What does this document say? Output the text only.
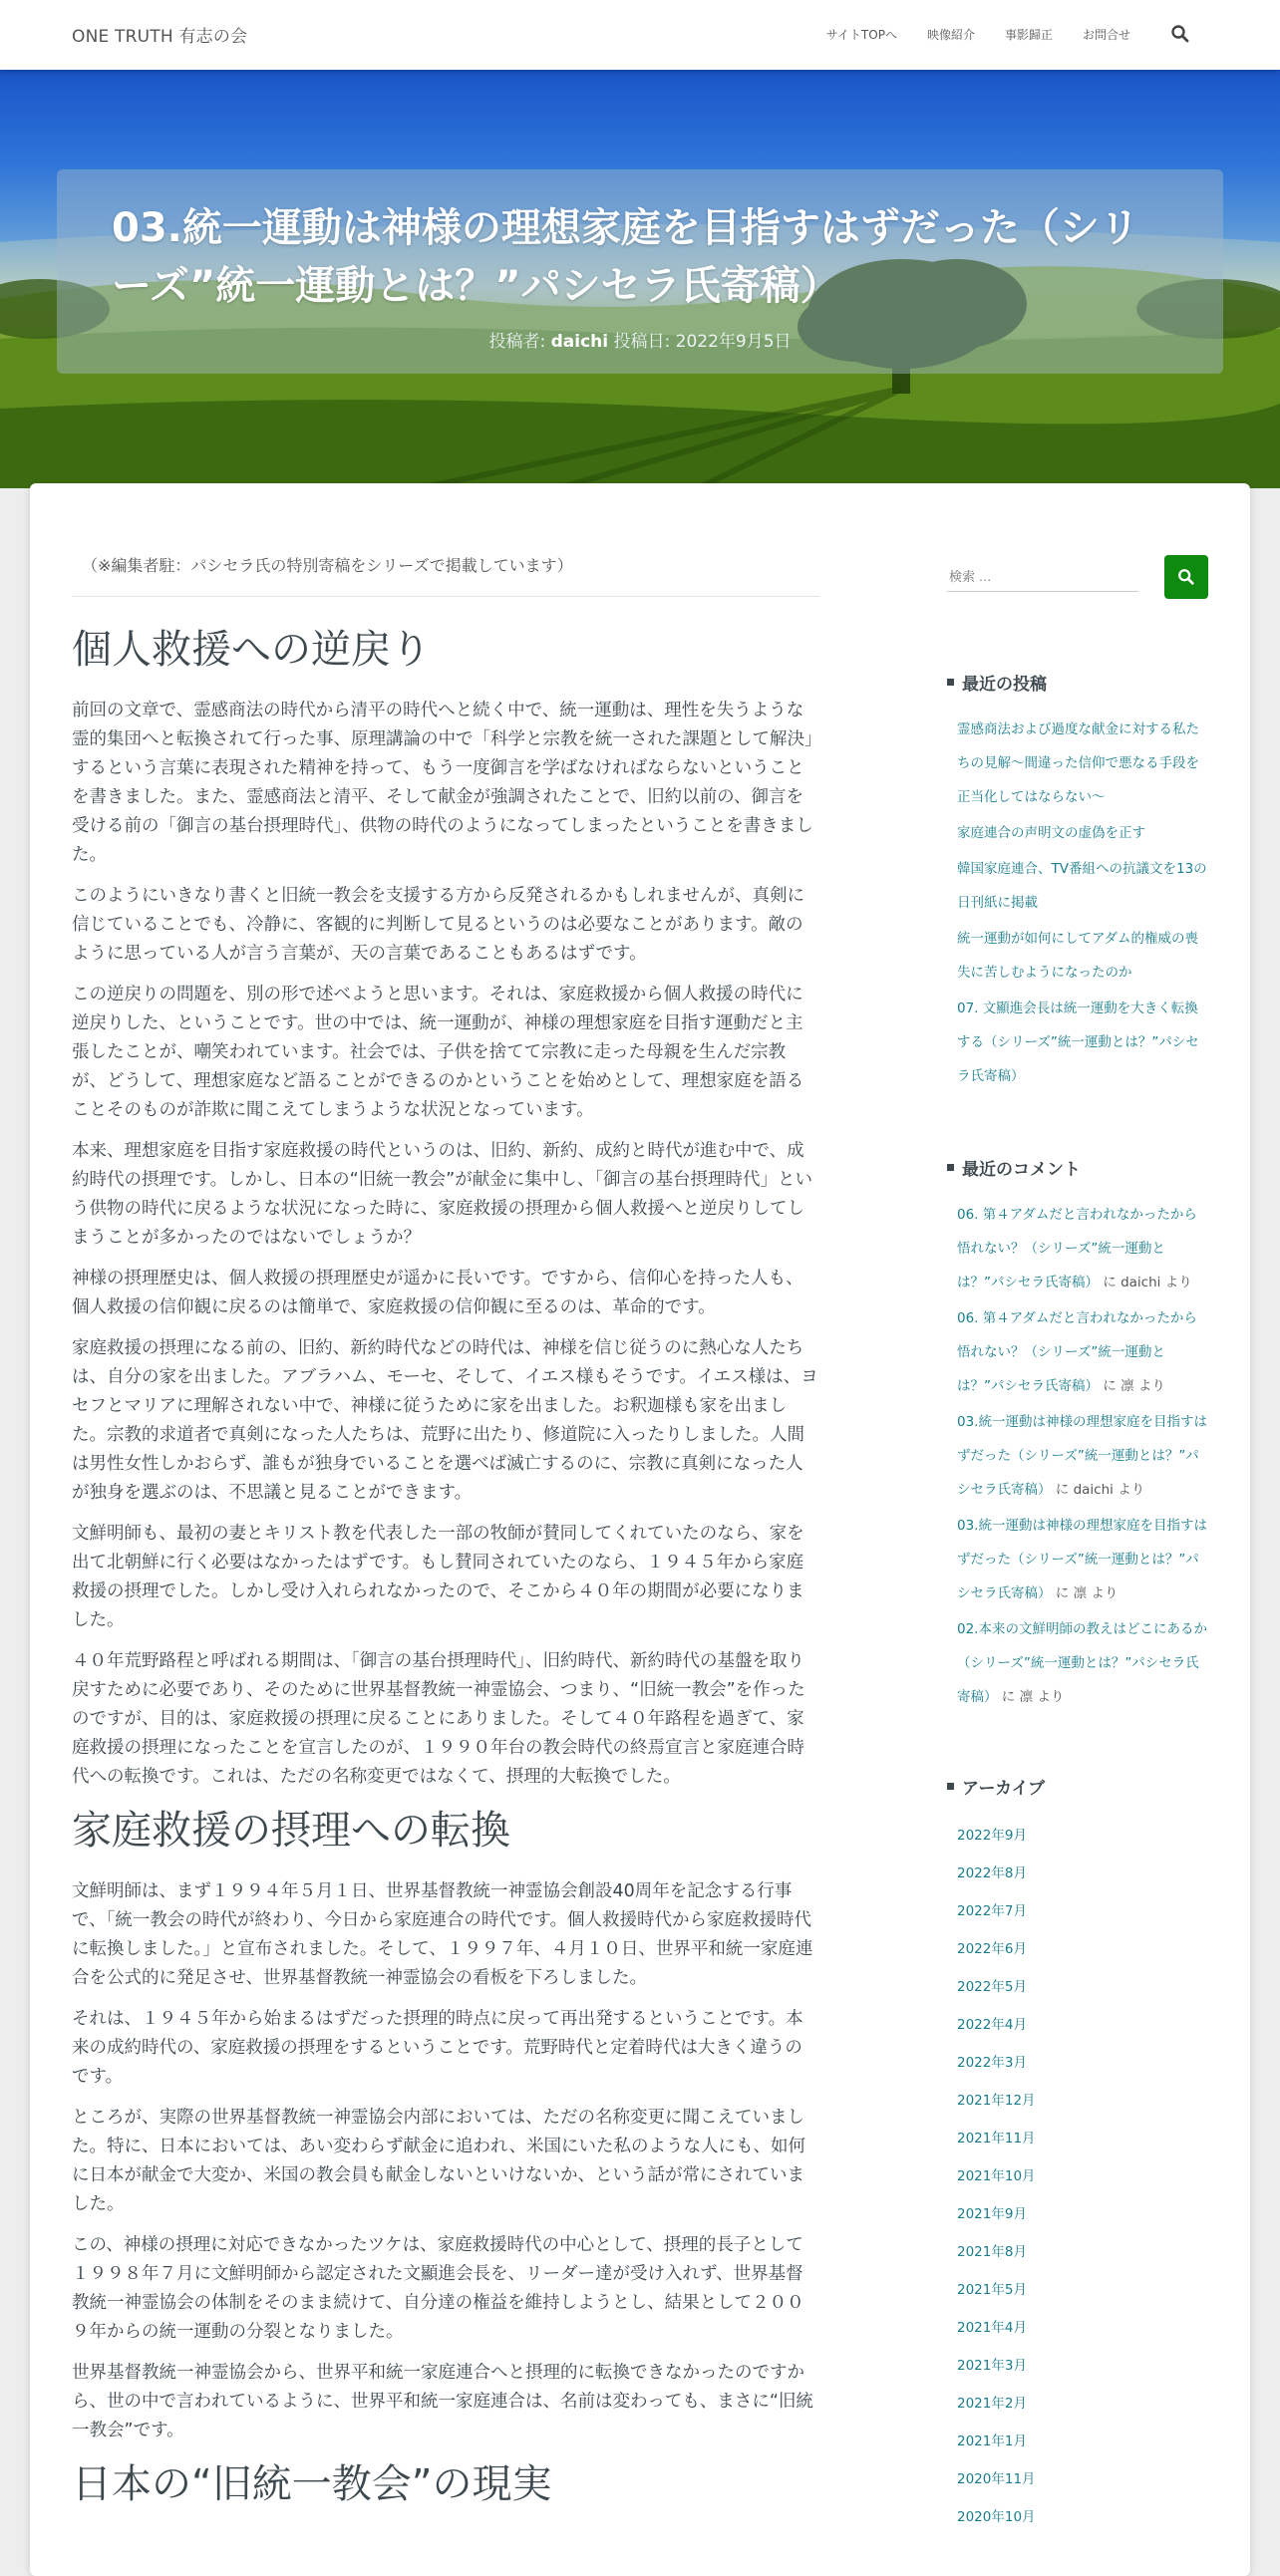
ONE TRUTH 有志の会	サイトTOPへ	映像紹介	事影歸正	お問合せ
03.統一運動は神様の理想家庭を目指すはずだった（シリーズ”統一運動とは？”パシセラ氏寄稿）
投稿者: daichi 投稿日: 2022年9月5日
（※編集者駐：パシセラ氏の特別寄稿をシリーズで掲載しています）
個人救援への逆戻り

前回の文章で、霊感商法の時代から清平の時代へと続く中で、統一運動は、理性を失うような霊的集団へと転換されて行った事、原理講論の中で「科学と宗教を統一された課題として解決」するという言葉に表現された精神を持って、もう一度御言を学ばなければならないということを書きました。また、霊感商法と清平、そして献金が強調されたことで、旧約以前の、御言を受ける前の「御言の基台摂理時代」、供物の時代のようになってしまったということを書きました。

このようにいきなり書くと旧統一教会を支援する方から反発されるかもしれませんが、真剣に信じていることでも、冷静に、客観的に判断して見るというのは必要なことがあります。敵のように思っている人が言う言葉が、天の言葉であることもあるはずです。

この逆戻りの問題を、別の形で述べようと思います。それは、家庭救援から個人救援の時代に逆戻りした、ということです。世の中では、統一運動が、神様の理想家庭を目指す運動だと主張したことが、嘲笑われています。社会では、子供を捨てて宗教に走った母親を生んだ宗教が、どうして、理想家庭など語ることができるのかということを始めとして、理想家庭を語ることそのものが詐欺に聞こえてしまうような状況となっています。

本来、理想家庭を目指す家庭救援の時代というのは、旧約、新約、成約と時代が進む中で、成約時代の摂理です。しかし、日本の“旧統一教会”が献金に集中し、「御言の基台摂理時代」という供物の時代に戻るような状況になった時に、家庭救援の摂理から個人救援へと逆戻りしてしまうことが多かったのではないでしょうか？

神様の摂理歴史は、個人救援の摂理歴史が遥かに長いです。ですから、信仰心を持った人も、個人救援の信仰観に戻るのは簡単で、家庭救援の信仰観に至るのは、革命的です。

家庭救援の摂理になる前の、旧約、新約時代などの時代は、神様を信じ従うのに熱心な人たちは、自分の家を出ました。アブラハム、モーセ、そして、イエス様もそうです。イエス様は、ヨセフとマリアに理解されない中で、神様に従うために家を出ました。お釈迦様も家を出ました。宗教的求道者で真剣になった人たちは、荒野に出たり、修道院に入ったりしました。人間は男性女性しかおらず、誰もが独身でいることを選べば滅亡するのに、宗教に真剣になった人が独身を選ぶのは、不思議と見ることができます。

文鮮明師も、最初の妻とキリスト教を代表した一部の牧師が賛同してくれていたのなら、家を出て北朝鮮に行く必要はなかったはずです。もし賛同されていたのなら、１９４５年から家庭救援の摂理でした。しかし受け入れられなかったので、そこから４０年の期間が必要になりました。

４０年荒野路程と呼ばれる期間は、「御言の基台摂理時代」、旧約時代、新約時代の基盤を取り戻すために必要であり、そのために世界基督教統一神霊協会、つまり、“旧統一教会”を作ったのですが、目的は、家庭救援の摂理に戻ることにありました。そして４０年路程を過ぎて、家庭救援の摂理になったことを宣言したのが、１９９０年台の教会時代の終焉宣言と家庭連合時代への転換です。これは、ただの名称変更ではなくて、摂理的大転換でした。

家庭救援の摂理への転換

文鮮明師は、まず１９９４年５月１日、世界基督教統一神霊協会創設40周年を記念する行事で、「統一教会の時代が終わり、今日から家庭連合の時代です。個人救援時代から家庭救援時代に転換しました。」と宣布されました。そして、１９９７年、４月１０日、世界平和統一家庭連合を公式的に発足させ、世界基督教統一神霊協会の看板を下ろしました。

それは、１９４５年から始まるはずだった摂理的時点に戻って再出発するということです。本来の成約時代の、家庭救援の摂理をするということです。荒野時代と定着時代は大きく違うのです。

ところが、実際の世界基督教統一神霊協会内部においては、ただの名称変更に聞こえていました。特に、日本においては、あい変わらず献金に追われ、米国にいた私のような人にも、如何に日本が献金で大変か、米国の教会員も献金しないといけないか、という話が常にされていました。

この、神様の摂理に対応できなかったツケは、家庭救援時代の中心として、摂理的長子として１９９８年７月に文鮮明師から認定された文顯進会長を、リーダー達が受け入れず、世界基督教統一神霊協会の体制をそのまま続けて、自分達の権益を維持しようとし、結果として２００９年からの統一運動の分裂となりました。

世界基督教統一神霊協会から、世界平和統一家庭連合へと摂理的に転換できなかったのですから、世の中で言われているように、世界平和統一家庭連合は、名前は変わっても、まさに“旧統一教会”です。

日本の“旧統一教会”の現実
検索 …
最近の投稿
霊感商法および過度な献金に対する私たちの見解～間違った信仰で悪なる手段を正当化してはならない～
家庭連合の声明文の虚偽を正す
韓国家庭連合、TV番組への抗議文を13の日刊紙に掲載
統一運動が如何にしてアダム的権威の喪失に苦しむようになったのか
07. 文顯進会長は統一運動を大きく転換する（シリーズ”統一運動とは？”パシセラ氏寄稿）
最近のコメント
06. 第４アダムだと言われなかったから悟れない？（シリーズ”統一運動とは？”パシセラ氏寄稿） に daichi より
06. 第４アダムだと言われなかったから悟れない？（シリーズ”統一運動とは？”パシセラ氏寄稿） に 凛 より
03.統一運動は神様の理想家庭を目指すはずだった（シリーズ”統一運動とは？”パシセラ氏寄稿） に daichi より
03.統一運動は神様の理想家庭を目指すはずだった（シリーズ”統一運動とは？”パシセラ氏寄稿） に 凛 より
02.本来の文鮮明師の教えはどこにあるか（シリーズ”統一運動とは？”パシセラ氏寄稿） に 凛 より
アーカイブ
2022年9月
2022年8月
2022年7月
2022年6月
2022年5月
2022年4月
2022年3月
2021年12月
2021年11月
2021年10月
2021年9月
2021年8月
2021年5月
2021年4月
2021年3月
2021年2月
2021年1月
2020年11月
2020年10月
